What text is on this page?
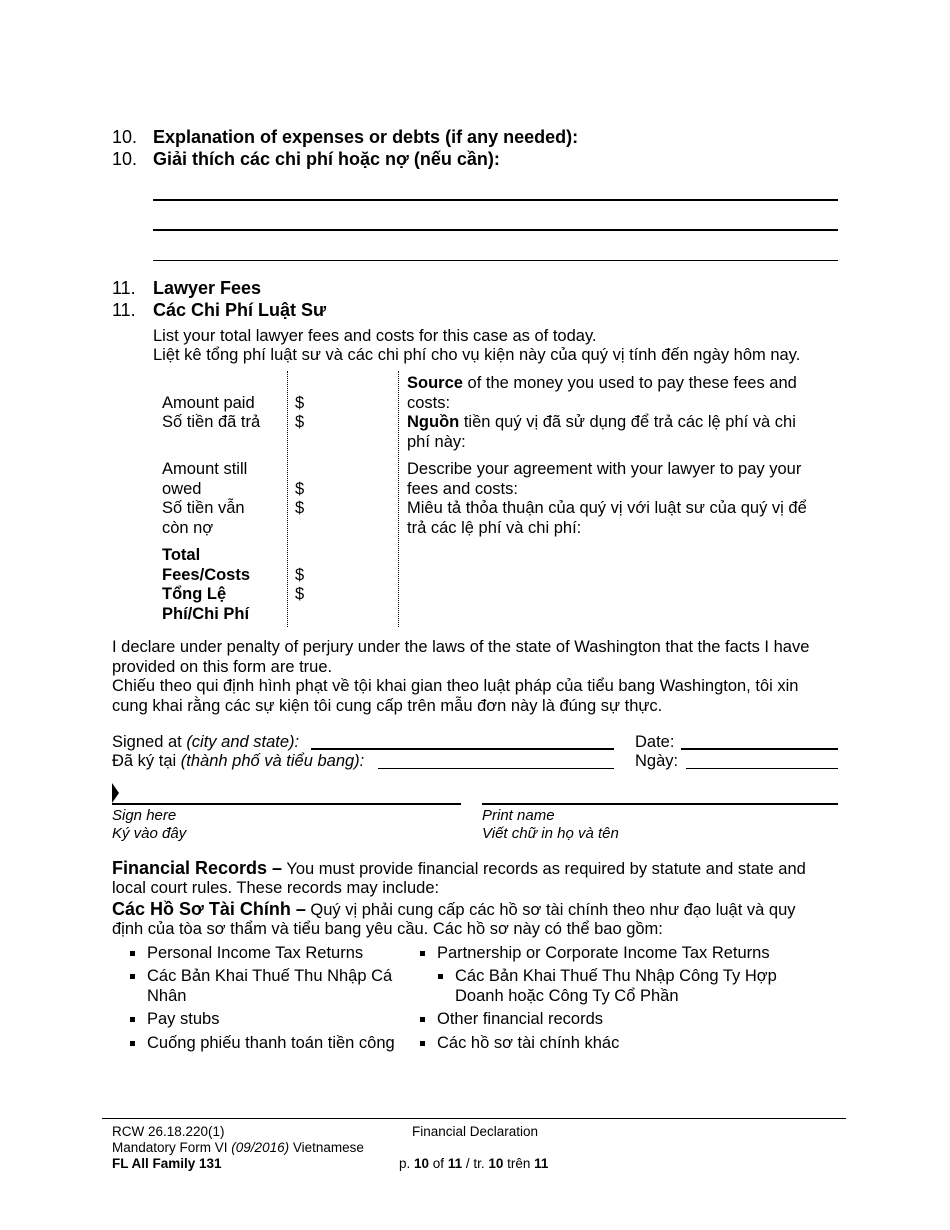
10. Explanation of expenses or debts (if any needed):
10. Giải thích các chi phí hoặc nợ (nếu cần):
11. Lawyer Fees
11. Các Chi Phí Luật Sư
List your total lawyer fees and costs for this case as of today.
Liệt kê tổng phí luật sư và các chi phí cho vụ kiện này của quý vị tính đến ngày hôm nay.
Amount paid
Số tiền đã trả
$
$
Source of the money you used to pay these fees and
costs:
Nguồn tiền quý vị đã sử dụng để trả các lệ phí và chi
phí này:
Amount still
owed
Số tiền vẫn
còn nợ
$
$
Describe your agreement with your lawyer to pay your
fees and costs:
Miêu tả thỏa thuận của quý vị với luật sư của quý vị để
trả các lệ phí và chi phí:
Total
Fees/Costs
Tổng Lệ
Phí/Chi Phí
$
$
I declare under penalty of perjury under the laws of the state of Washington that the facts I have
provided on this form are true.
Chiếu theo qui định hình phạt về tội khai gian theo luật pháp của tiểu bang Washington, tôi xin
cung khai rằng các sự kiện tôi cung cấp trên mẫu đơn này là đúng sự thực.
Signed at (city and state):
Đã ký tại (thành phố và tiểu bang):
Date:
Ngày:
Sign here
Ký vào đây
Print name
Viết chữ in họ và tên
Financial Records – You must provide financial records as required by statute and state and
local court rules. These records may include:
Các Hồ Sơ Tài Chính – Quý vị phải cung cấp các hồ sơ tài chính theo như đạo luật và quy
định của tòa sơ thẩm và tiểu bang yêu cầu. Các hồ sơ này có thể bao gồm:
Personal Income Tax Returns
Các Bản Khai Thuế Thu Nhập Cá
Nhân
Pay stubs
Cuống phiếu thanh toán tiền công
Partnership or Corporate Income Tax Returns
Các Bản Khai Thuế Thu Nhập Công Ty Hợp
Doanh hoặc Công Ty Cổ Phần
Other financial records
Các hồ sơ tài chính khác
RCW 26.18.220(1)
Mandatory Form VI (09/2016) Vietnamese
FL All Family 131
Financial Declaration
p. 10 of 11 / tr. 10 trên 11
